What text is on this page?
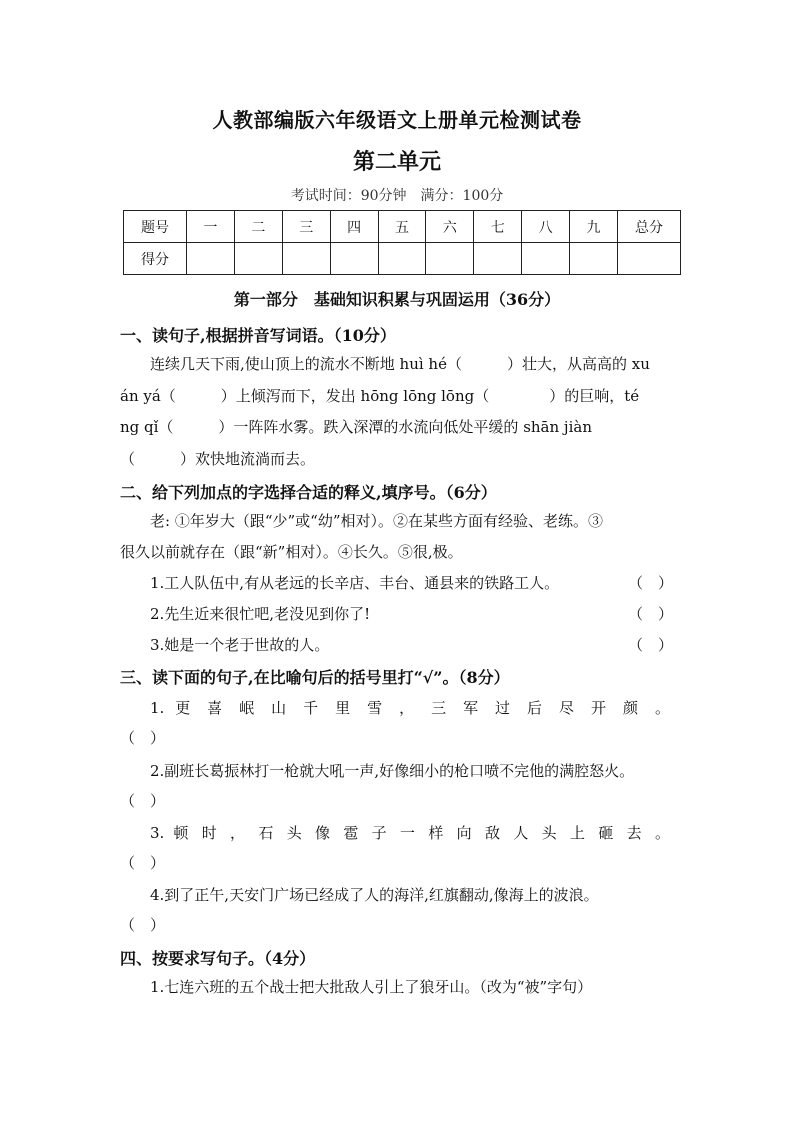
人教部编版六年级语文上册单元检测试卷
第二单元
考试时间：90分钟　满分：100分
题号	一	二	三	四	五	六	七	八	九	总分
得分										
第一部分　基础知识积累与巩固运用（36分）
一、读句子,根据拼音写词语。（10分）
连续几天下雨,使山顶上的流水不断地 huì hé（　　　）壮大，从高高的 xu
án yá（　　　）上倾泻而下，发出 hōng lōng lōng（　　　　）的巨响，té
ng qǐ（　　　）一阵阵水雾。跌入深潭的水流向低处平缓的 shān jiàn
（　　　）欢快地流淌而去。
二、给下列加点的字选择合适的释义,填序号。（6分）
老: ①年岁大（跟“少”或“幼”相对）。②在某些方面有经验、老练。③
很久以前就存在（跟“新”相对）。④长久。⑤很,极。
1.工人队伍中,有从老远的长辛店、丰台、通县来的铁路工人。	（　）
2.先生近来很忙吧,老没见到你了!	（　）
3.她是一个老于世故的人。	（　）
三、读下面的句子,在比喻句后的括号里打“√”。（8分）
1. 更 喜 岷 山 千 里 雪 ， 三 军 过 后 尽 开 颜 。
（　）
2.副班长葛振林打一枪就大吼一声,好像细小的枪口喷不完他的满腔怒火。
（　）
3. 顿 时 ， 石 头 像 雹 子 一 样 向 敌 人 头 上 砸 去 。
（　）
4.到了正午,天安门广场已经成了人的海洋,红旗翻动,像海上的波浪。
（　）
四、按要求写句子。（4分）
1.七连六班的五个战士把大批敌人引上了狼牙山。（改为“被”字句）
